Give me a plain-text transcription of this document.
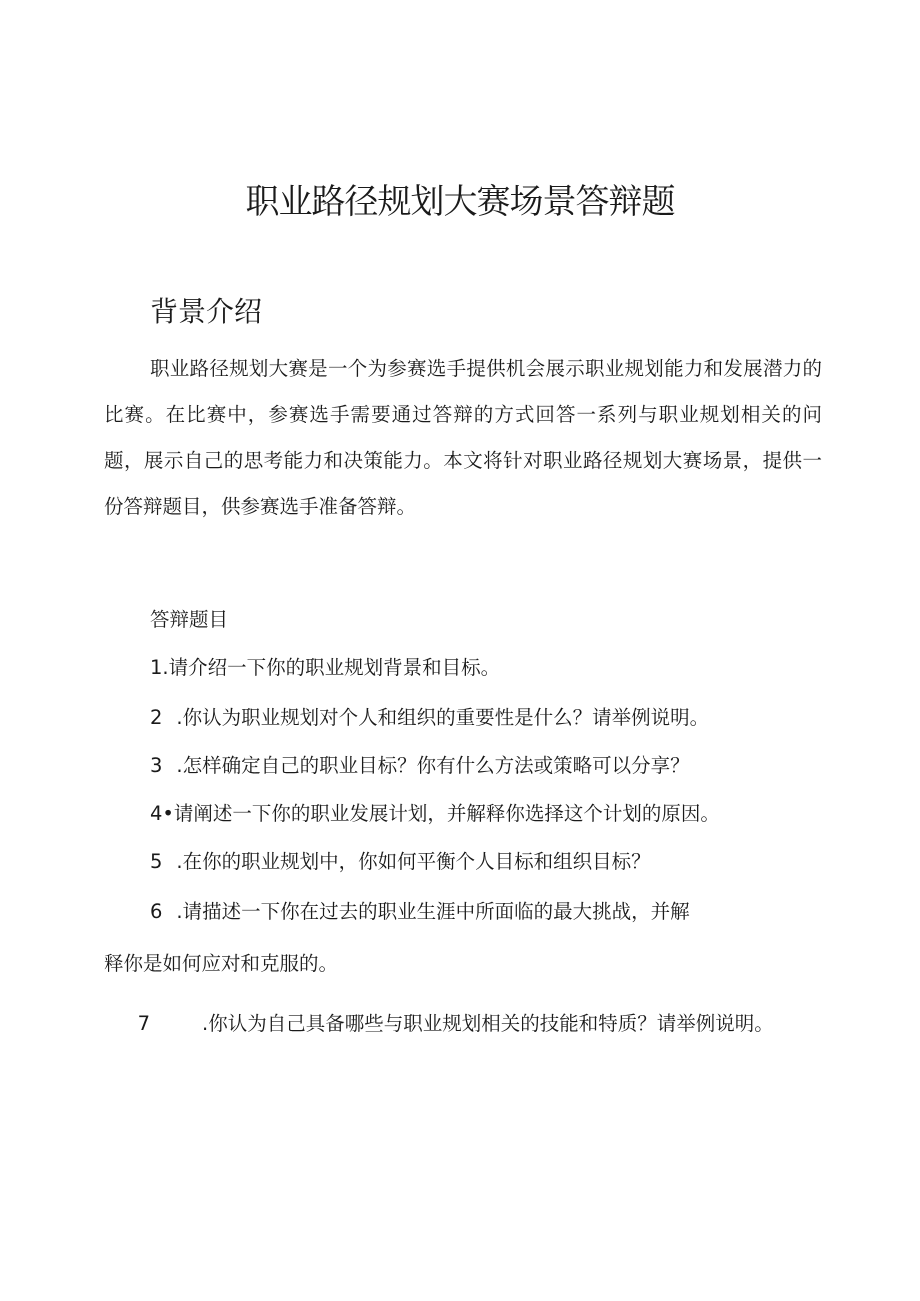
职业路径规划大赛场景答辩题
背景介绍

职业路径规划大赛是一个为参赛选手提供机会展示职业规划能力和发展潜力的比赛。在比赛中，参赛选手需要通过答辩的方式回答一系列与职业规划相关的问题，展示自己的思考能力和决策能力。本文将针对职业路径规划大赛场景，提供一份答辩题目，供参赛选手准备答辩。

答辩题目

1.请介绍一下你的职业规划背景和目标。

2 .你认为职业规划对个人和组织的重要性是什么？请举例说明。

3 .怎样确定自己的职业目标？你有什么方法或策略可以分享？

4•请阐述一下你的职业发展计划，并解释你选择这个计划的原因。

5 .在你的职业规划中，你如何平衡个人目标和组织目标？

6 .请描述一下你在过去的职业生涯中所面临的最大挑战，并解

释你是如何应对和克服的。

7	.你认为自己具备哪些与职业规划相关的技能和特质？请举例说明。
